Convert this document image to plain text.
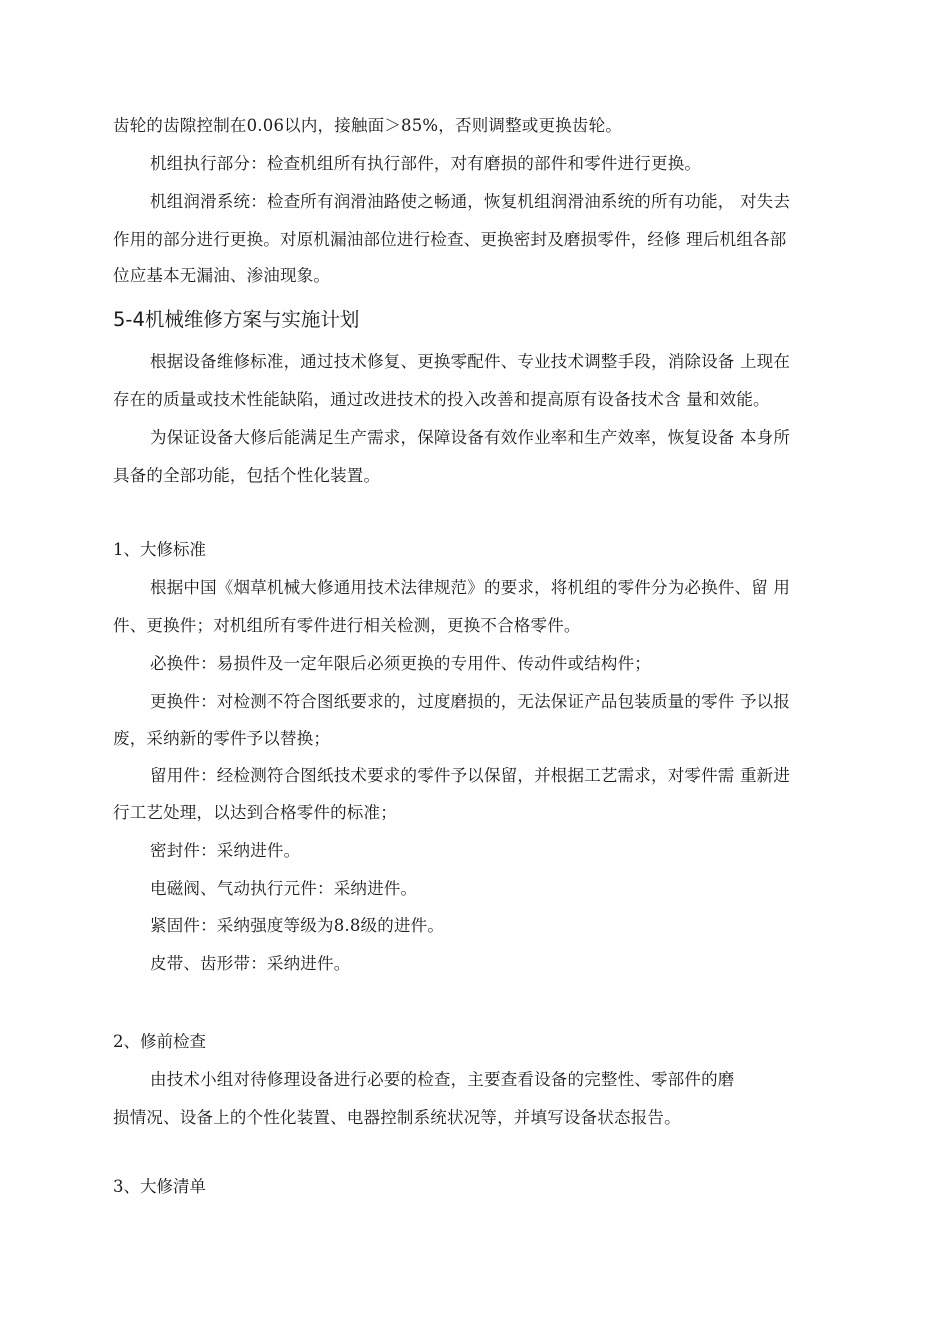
齿轮的齿隙控制在0.06以内，接触面＞85%，否则调整或更换齿轮。
机组执行部分：检查机组所有执行部件，对有磨损的部件和零件进行更换。
机组润滑系统：检查所有润滑油路使之畅通，恢复机组润滑油系统的所有功能， 对失去
作用的部分进行更换。对原机漏油部位进行检查、更换密封及磨损零件，经修 理后机组各部
位应基本无漏油、渗油现象。
5-4机械维修方案与实施计划
根据设备维修标准，通过技术修复、更换零配件、专业技术调整手段，消除设备 上现在
存在的质量或技术性能缺陷，通过改进技术的投入改善和提高原有设备技术含 量和效能。
为保证设备大修后能满足生产需求，保障设备有效作业率和生产效率，恢复设备 本身所
具备的全部功能，包括个性化装置。
1、大修标准
根据中国《烟草机械大修通用技术法律规范》的要求，将机组的零件分为必换件、留 用
件、更换件；对机组所有零件进行相关检测，更换不合格零件。
必换件：易损件及一定年限后必须更换的专用件、传动件或结构件；
更换件：对检测不符合图纸要求的，过度磨损的，无法保证产品包装质量的零件 予以报
废，采纳新的零件予以替换；
留用件：经检测符合图纸技术要求的零件予以保留，并根据工艺需求，对零件需 重新进
行工艺处理，以达到合格零件的标准；
密封件：采纳进件。
电磁阀、气动执行元件：采纳进件。
紧固件：采纳强度等级为8.8级的进件。
皮带、齿形带：采纳进件。
2、修前检查
由技术小组对待修理设备进行必要的检查，主要查看设备的完整性、零部件的磨
损情况、设备上的个性化装置、电器控制系统状况等，并填写设备状态报告。
3、大修清单
